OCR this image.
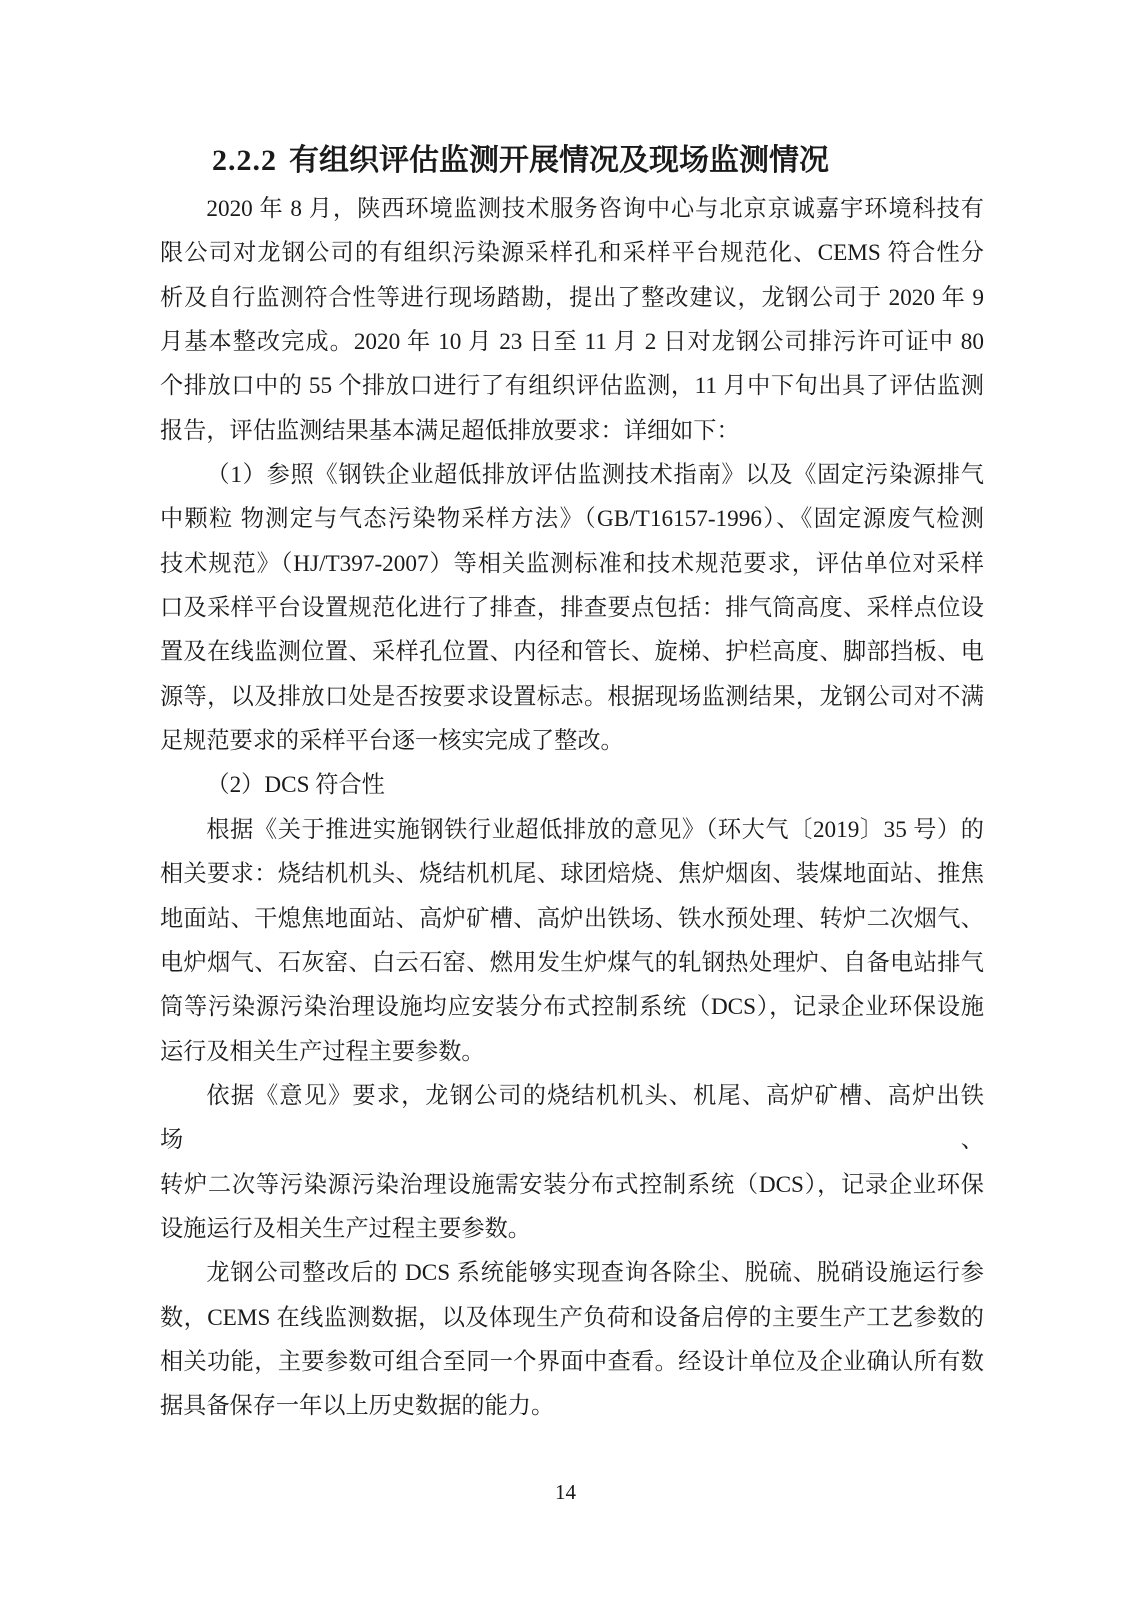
2.2.2 有组织评估监测开展情况及现场监测情况
2020 年 8 月，陕西环境监测技术服务咨询中心与北京京诚嘉宇环境科技有
限公司对龙钢公司的有组织污染源采样孔和采样平台规范化、CEMS 符合性分
析及自行监测符合性等进行现场踏勘，提出了整改建议，龙钢公司于 2020 年 9
月基本整改完成。2020 年 10 月 23 日至 11 月 2 日对龙钢公司排污许可证中 80
个排放口中的 55 个排放口进行了有组织评估监测，11 月中下旬出具了评估监测
报告，评估监测结果基本满足超低排放要求：详细如下：
（1）参照《钢铁企业超低排放评估监测技术指南》以及《固定污染源排气
中颗粒 物测定与气态污染物采样方法》（GB/T16157-1996）、《固定源废气检测
技术规范》（HJ/T397-2007）等相关监测标准和技术规范要求，评估单位对采样
口及采样平台设置规范化进行了排查，排查要点包括：排气筒高度、采样点位设
置及在线监测位置、采样孔位置、内径和管长、旋梯、护栏高度、脚部挡板、电
源等，以及排放口处是否按要求设置标志。根据现场监测结果，龙钢公司对不满
足规范要求的采样平台逐一核实完成了整改。
（2）DCS 符合性
根据《关于推进实施钢铁行业超低排放的意见》（环大气〔2019〕35 号）的
相关要求：烧结机机头、烧结机机尾、球团焙烧、焦炉烟囱、装煤地面站、推焦
地面站、干熄焦地面站、高炉矿槽、高炉出铁场、铁水预处理、转炉二次烟气、
电炉烟气、石灰窑、白云石窑、燃用发生炉煤气的轧钢热处理炉、自备电站排气
筒等污染源污染治理设施均应安装分布式控制系统（DCS），记录企业环保设施
运行及相关生产过程主要参数。
依据《意见》要求，龙钢公司的烧结机机头、机尾、高炉矿槽、高炉出铁场、
转炉二次等污染源污染治理设施需安装分布式控制系统（DCS），记录企业环保
设施运行及相关生产过程主要参数。
龙钢公司整改后的 DCS 系统能够实现查询各除尘、脱硫、脱硝设施运行参
数，CEMS 在线监测数据，以及体现生产负荷和设备启停的主要生产工艺参数的
相关功能，主要参数可组合至同一个界面中查看。经设计单位及企业确认所有数
据具备保存一年以上历史数据的能力。
14
